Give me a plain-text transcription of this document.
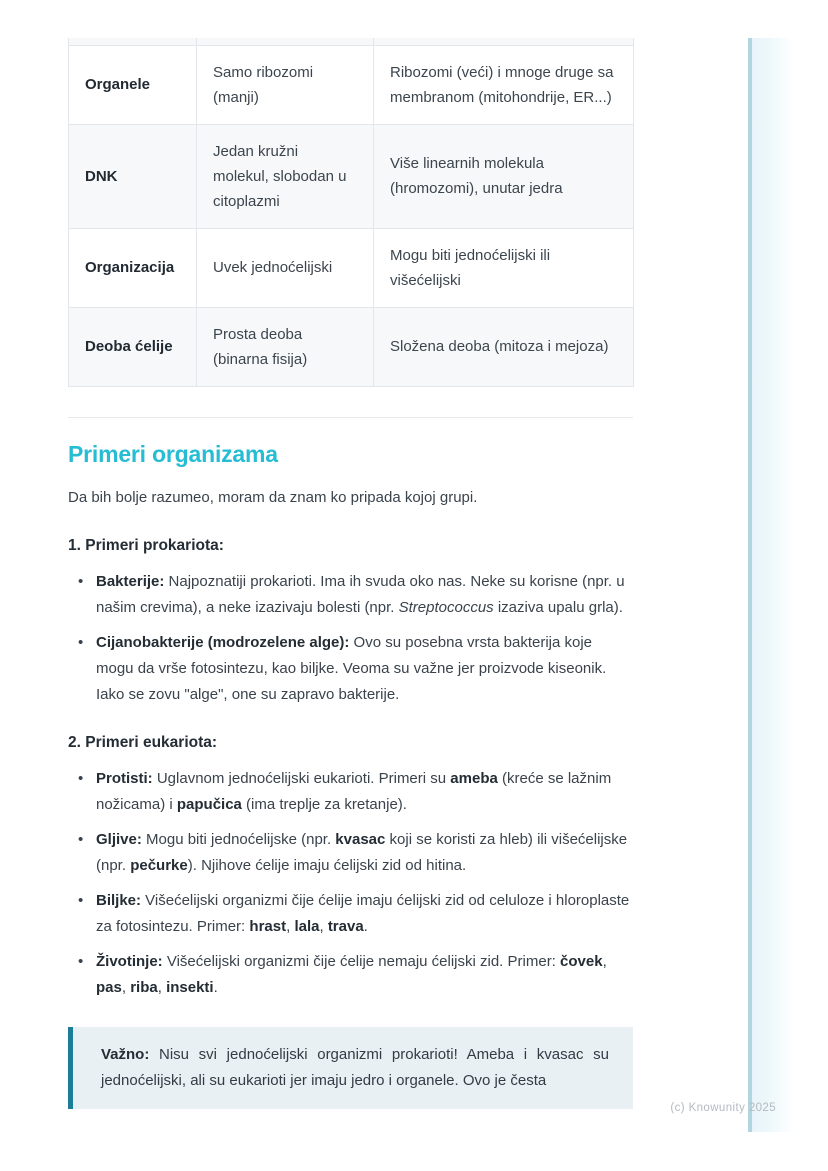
(c) Knowunity 2025

Organele	Samo ribozomi (manji)	Ribozomi (veći) i mnoge druge sa membranom (mitohondrije, ER...)
DNK	Jedan kružni molekul, slobodan u citoplazmi	Više linearnih molekula (hromozomi), unutar jedra
Organizacija	Uvek jednoćelijski	Mogu biti jednoćelijski ili višećelijski
Deoba ćelije	Prosta deoba (binarna fisija)	Složena deoba (mitoza i mejoza)
Primeri organizama

Da bih bolje razumeo, moram da znam ko pripada kojoj grupi.

1. Primeri prokariota:

• Bakterije: Najpoznatiji prokarioti. Ima ih svuda oko nas. Neke su korisne (npr. u našim crevima), a neke izazivaju bolesti (npr. Streptococcus izaziva upalu grla).
• Cijanobakterije (modrozelene alge): Ovo su posebna vrsta bakterija koje mogu da vrše fotosintezu, kao biljke. Veoma su važne jer proizvode kiseonik. Iako se zovu "alge", one su zapravo bakterije.

2. Primeri eukariota:

• Protisti: Uglavnom jednoćelijski eukarioti. Primeri su ameba (kreće se lažnim nožicama) i papučica (ima treplje za kretanje).
• Gljive: Mogu biti jednoćelijske (npr. kvasac koji se koristi za hleb) ili višećelijske (npr. pečurke). Njihove ćelije imaju ćelijski zid od hitina.
• Biljke: Višećelijski organizmi čije ćelije imaju ćelijski zid od celuloze i hloroplaste za fotosintezu. Primer: hrast, lala, trava.
• Životinje: Višećelijski organizmi čije ćelije nemaju ćelijski zid. Primer: čovek, pas, riba, insekti.
Važno: Nisu svi jednoćelijski organizmi prokarioti! Ameba i kvasac su jednoćelijski, ali su eukarioti jer imaju jedro i organele. Ovo je česta
